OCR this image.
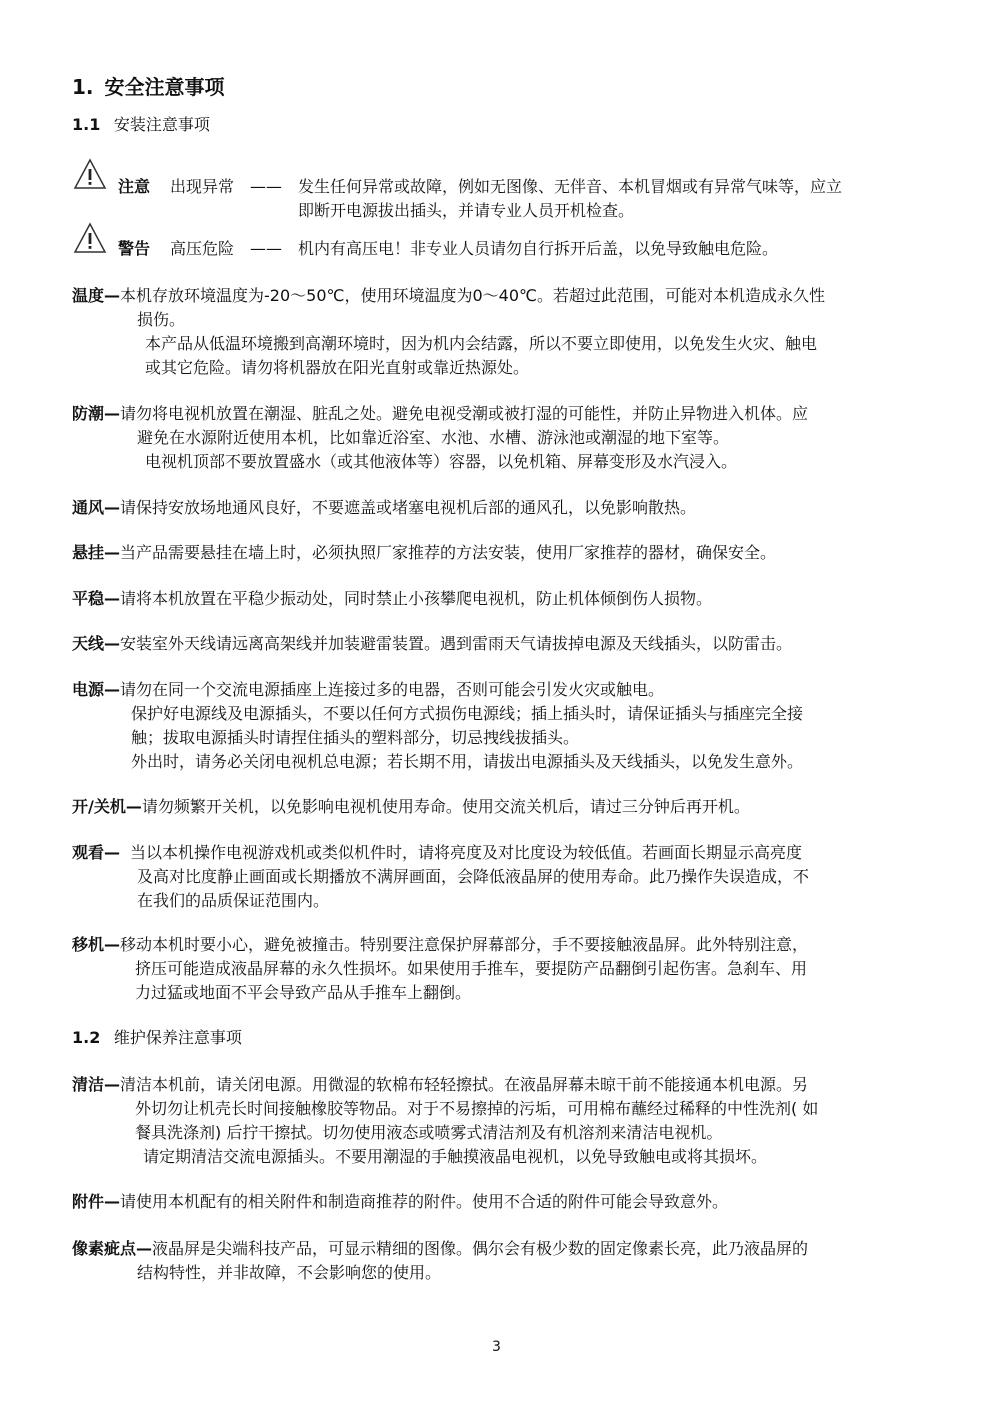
1. 安全注意事项
1.1 安装注意事项
注意 出现异常 —— 发生任何异常或故障，例如无图像、无伴音、本机冒烟或有异常气味等，应立
即断开电源拔出插头，并请专业人员开机检查。
警告 高压危险 —— 机内有高压电！非专业人员请勿自行拆开后盖，以免导致触电危险。
温度—本机存放环境温度为-20～50℃，使用环境温度为0～40℃。若超过此范围，可能对本机造成永久性
损伤。
本产品从低温环境搬到高潮环境时，因为机内会结露，所以不要立即使用，以免发生火灾、触电
或其它危险。请勿将机器放在阳光直射或靠近热源处。
防潮—请勿将电视机放置在潮湿、脏乱之处。避免电视受潮或被打湿的可能性，并防止异物进入机体。应
避免在水源附近使用本机，比如靠近浴室、水池、水槽、游泳池或潮湿的地下室等。
电视机顶部不要放置盛水（或其他液体等）容器，以免机箱、屏幕变形及水汽浸入。
通风—请保持安放场地通风良好，不要遮盖或堵塞电视机后部的通风孔，以免影响散热。
悬挂—当产品需要悬挂在墙上时，必须执照厂家推荐的方法安装，使用厂家推荐的器材，确保安全。
平稳—请将本机放置在平稳少振动处，同时禁止小孩攀爬电视机，防止机体倾倒伤人损物。
天线—安装室外天线请远离高架线并加装避雷装置。遇到雷雨天气请拔掉电源及天线插头，以防雷击。
电源—请勿在同一个交流电源插座上连接过多的电器，否则可能会引发火灾或触电。
保护好电源线及电源插头，不要以任何方式损伤电源线；插上插头时，请保证插头与插座完全接
触；拔取电源插头时请捏住插头的塑料部分，切忌拽线拔插头。
外出时，请务必关闭电视机总电源；若长期不用，请拔出电源插头及天线插头，以免发生意外。
开/关机—请勿频繁开关机，以免影响电视机使用寿命。使用交流关机后，请过三分钟后再开机。
观看— 当以本机操作电视游戏机或类似机件时，请将亮度及对比度设为较低值。若画面长期显示高亮度
及高对比度静止画面或长期播放不满屏画面，会降低液晶屏的使用寿命。此乃操作失误造成，不
在我们的品质保证范围内。
移机—移动本机时要小心，避免被撞击。特别要注意保护屏幕部分，手不要接触液晶屏。此外特别注意，
挤压可能造成液晶屏幕的永久性损坏。如果使用手推车，要提防产品翻倒引起伤害。急刹车、用
力过猛或地面不平会导致产品从手推车上翻倒。
1.2 维护保养注意事项
清洁—清洁本机前，请关闭电源。用微湿的软棉布轻轻擦拭。在液晶屏幕未晾干前不能接通本机电源。另
外切勿让机壳长时间接触橡胶等物品。对于不易擦掉的污垢，可用棉布蘸经过稀释的中性洗剂( 如
餐具洗涤剂) 后拧干擦拭。切勿使用液态或喷雾式清洁剂及有机溶剂来清洁电视机。
请定期清洁交流电源插头。不要用潮湿的手触摸液晶电视机，以免导致触电或将其损坏。
附件—请使用本机配有的相关附件和制造商推荐的附件。使用不合适的附件可能会导致意外。
像素疵点—液晶屏是尖端科技产品，可显示精细的图像。偶尔会有极少数的固定像素长亮，此乃液晶屏的
结构特性，并非故障，不会影响您的使用。
3
